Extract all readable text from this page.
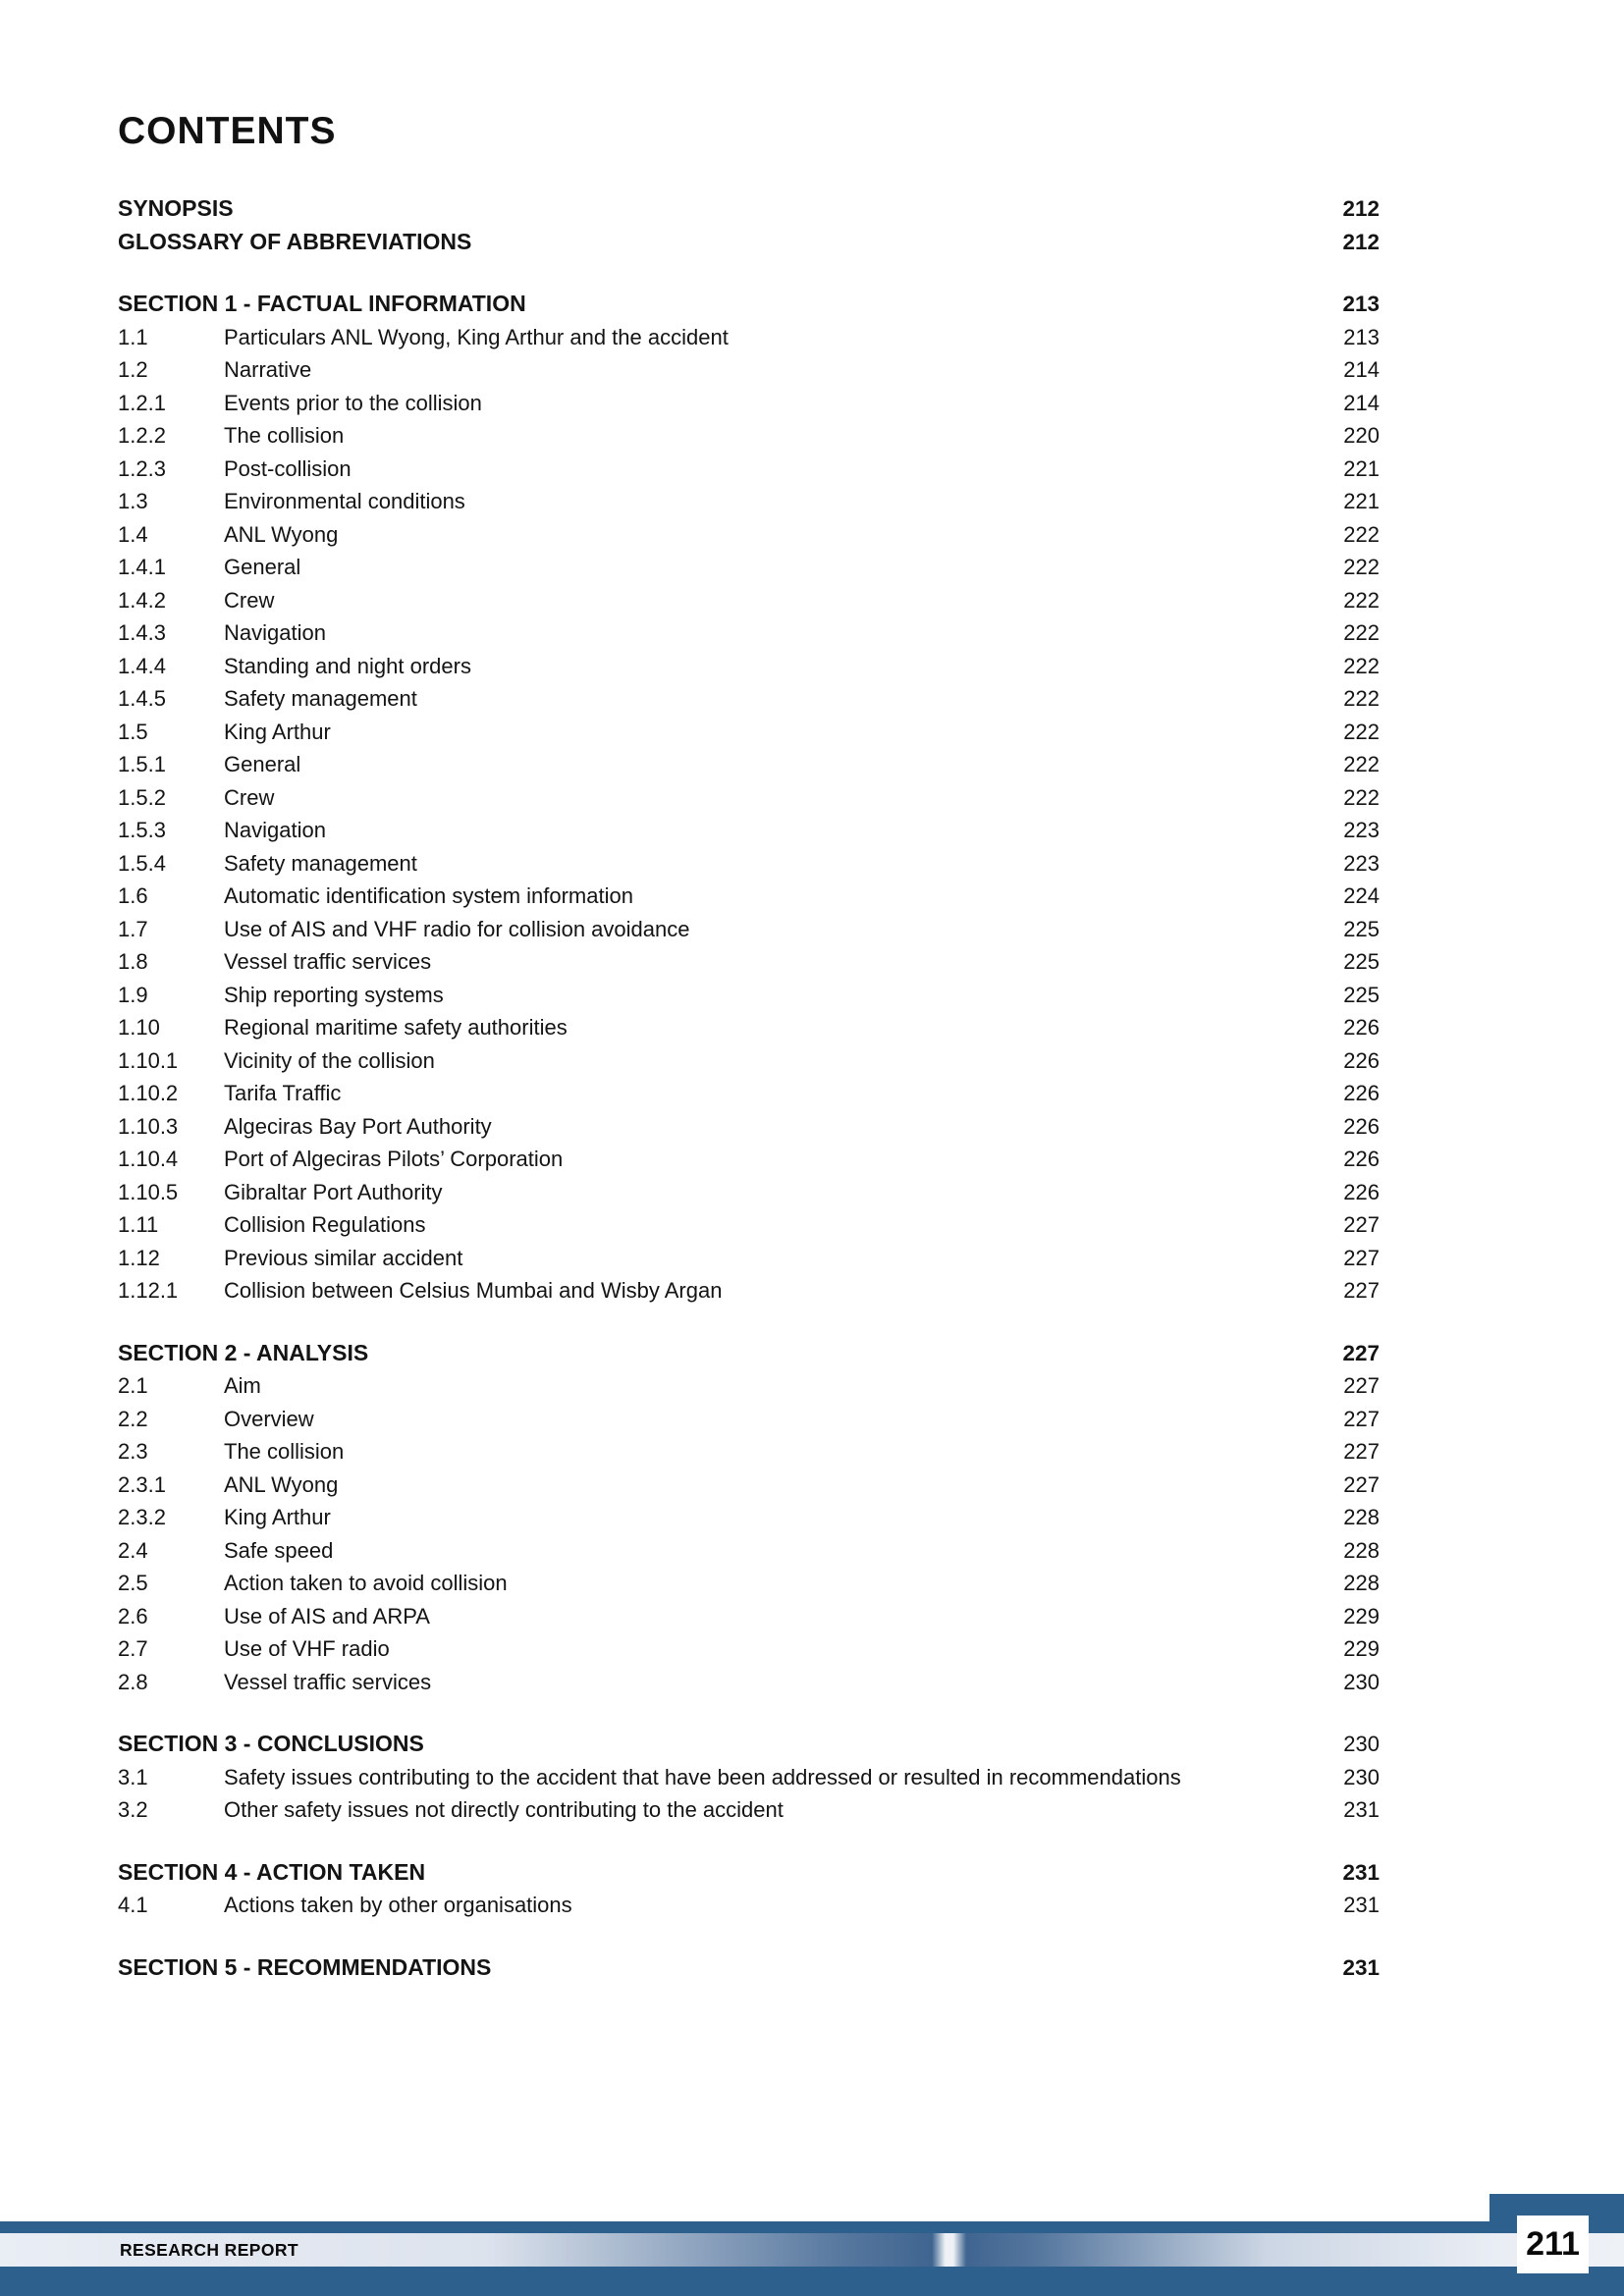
CONTENTS
SYNOPSIS	212
GLOSSARY OF ABBREVIATIONS	212
SECTION 1 - FACTUAL INFORMATION	213
1.1	Particulars ANL Wyong, King Arthur and the accident	213
1.2	Narrative	214
1.2.1	Events prior to the collision	214
1.2.2	The collision	220
1.2.3	Post-collision	221
1.3	Environmental conditions	221
1.4	ANL Wyong	222
1.4.1	General	222
1.4.2	Crew	222
1.4.3	Navigation	222
1.4.4	Standing and night orders	222
1.4.5	Safety management	222
1.5	King Arthur	222
1.5.1	General	222
1.5.2	Crew	222
1.5.3	Navigation	223
1.5.4	Safety management	223
1.6	Automatic identification system information	224
1.7	Use of AIS and VHF radio for collision avoidance	225
1.8	Vessel traffic services	225
1.9	Ship reporting systems	225
1.10	Regional maritime safety authorities	226
1.10.1	Vicinity of the collision	226
1.10.2	Tarifa Traffic	226
1.10.3	Algeciras Bay Port Authority	226
1.10.4	Port of Algeciras Pilots’ Corporation	226
1.10.5	Gibraltar Port Authority	226
1.11	Collision Regulations	227
1.12	Previous similar accident	227
1.12.1	Collision between Celsius Mumbai and Wisby Argan	227
SECTION 2 - ANALYSIS	227
2.1	Aim	227
2.2	Overview	227
2.3	The collision	227
2.3.1	ANL Wyong	227
2.3.2	King Arthur	228
2.4	Safe speed	228
2.5	Action taken to avoid collision	228
2.6	Use of AIS and ARPA	229
2.7	Use of VHF radio	229
2.8	Vessel traffic services	230
SECTION 3 - CONCLUSIONS	230
3.1	Safety issues contributing to the accident that have been addressed or resulted in recommendations	230
3.2	Other safety issues not directly contributing to the accident	231
SECTION 4 - ACTION TAKEN	231
4.1	Actions taken by other organisations	231
SECTION 5 - RECOMMENDATIONS	231
RESEARCH REPORT	211
